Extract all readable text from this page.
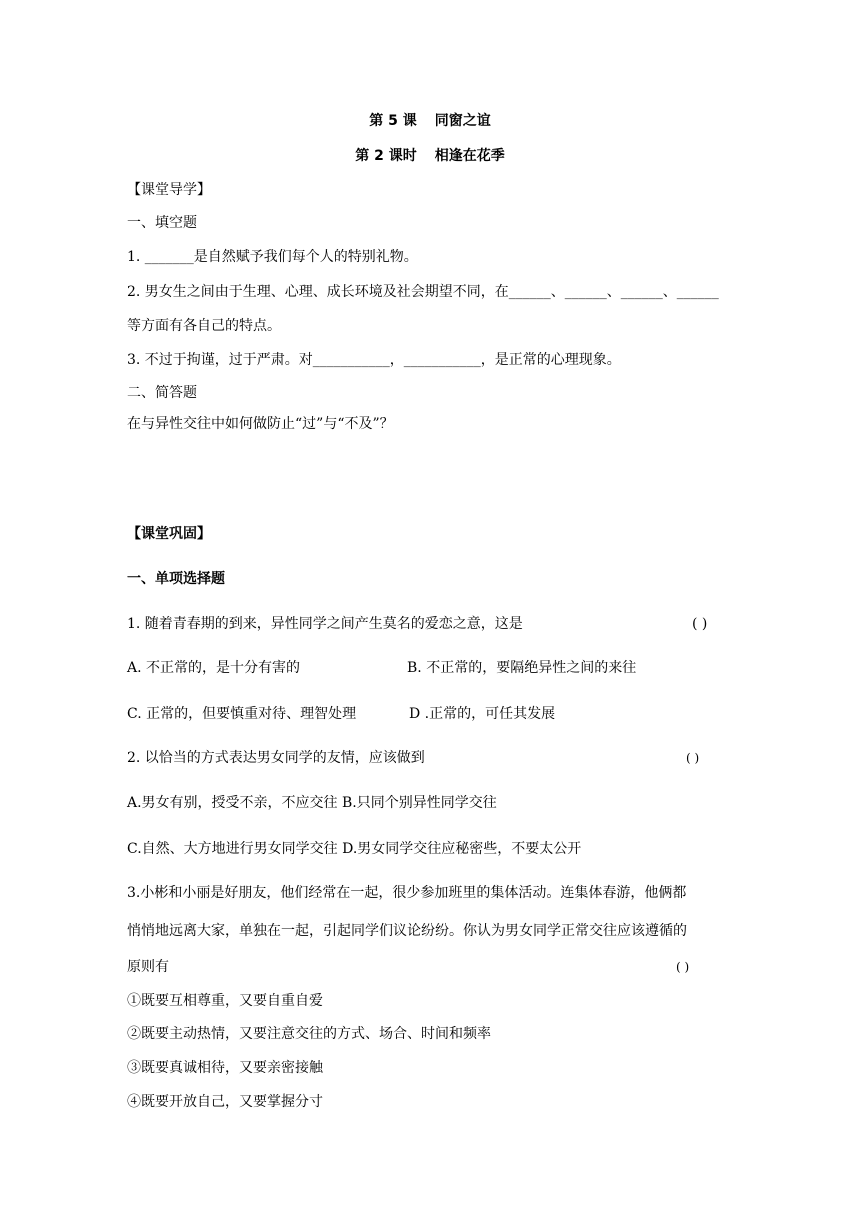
第 5 课 同窗之谊
第 2 课时 相逢在花季
【课堂导学】
一、填空题
1. _______是自然赋予我们每个人的特别礼物。
2. 男女生之间由于生理、心理、成长环境及社会期望不同，在______、______、______、______
等方面有各自己的特点。
3. 不过于拘谨，过于严肃。对___________，___________，是正常的心理现象。
二、简答题
在与异性交往中如何做防止“过”与“不及”？
【课堂巩固】
一、单项选择题
1. 随着青春期的到来，异性同学之间产生莫名的爱恋之意，这是	( )
A. 不正常的，是十分有害的	B. 不正常的，要隔绝异性之间的来往
C. 正常的，但要慎重对待、理智处理	D .正常的，可任其发展
2. 以恰当的方式表达男女同学的友情，应该做到	( )
A.男女有别，授受不亲，不应交往 B.只同个别异性同学交往
C.自然、大方地进行男女同学交往 D.男女同学交往应秘密些，不要太公开
3.小彬和小丽是好朋友，他们经常在一起，很少参加班里的集体活动。连集体春游，他俩都
悄悄地远离大家，单独在一起，引起同学们议论纷纷。你认为男女同学正常交往应该遵循的
原则有	( )
①既要互相尊重，又要自重自爱
②既要主动热情，又要注意交往的方式、场合、时间和频率
③既要真诚相待，又要亲密接触
④既要开放自己，又要掌握分寸
